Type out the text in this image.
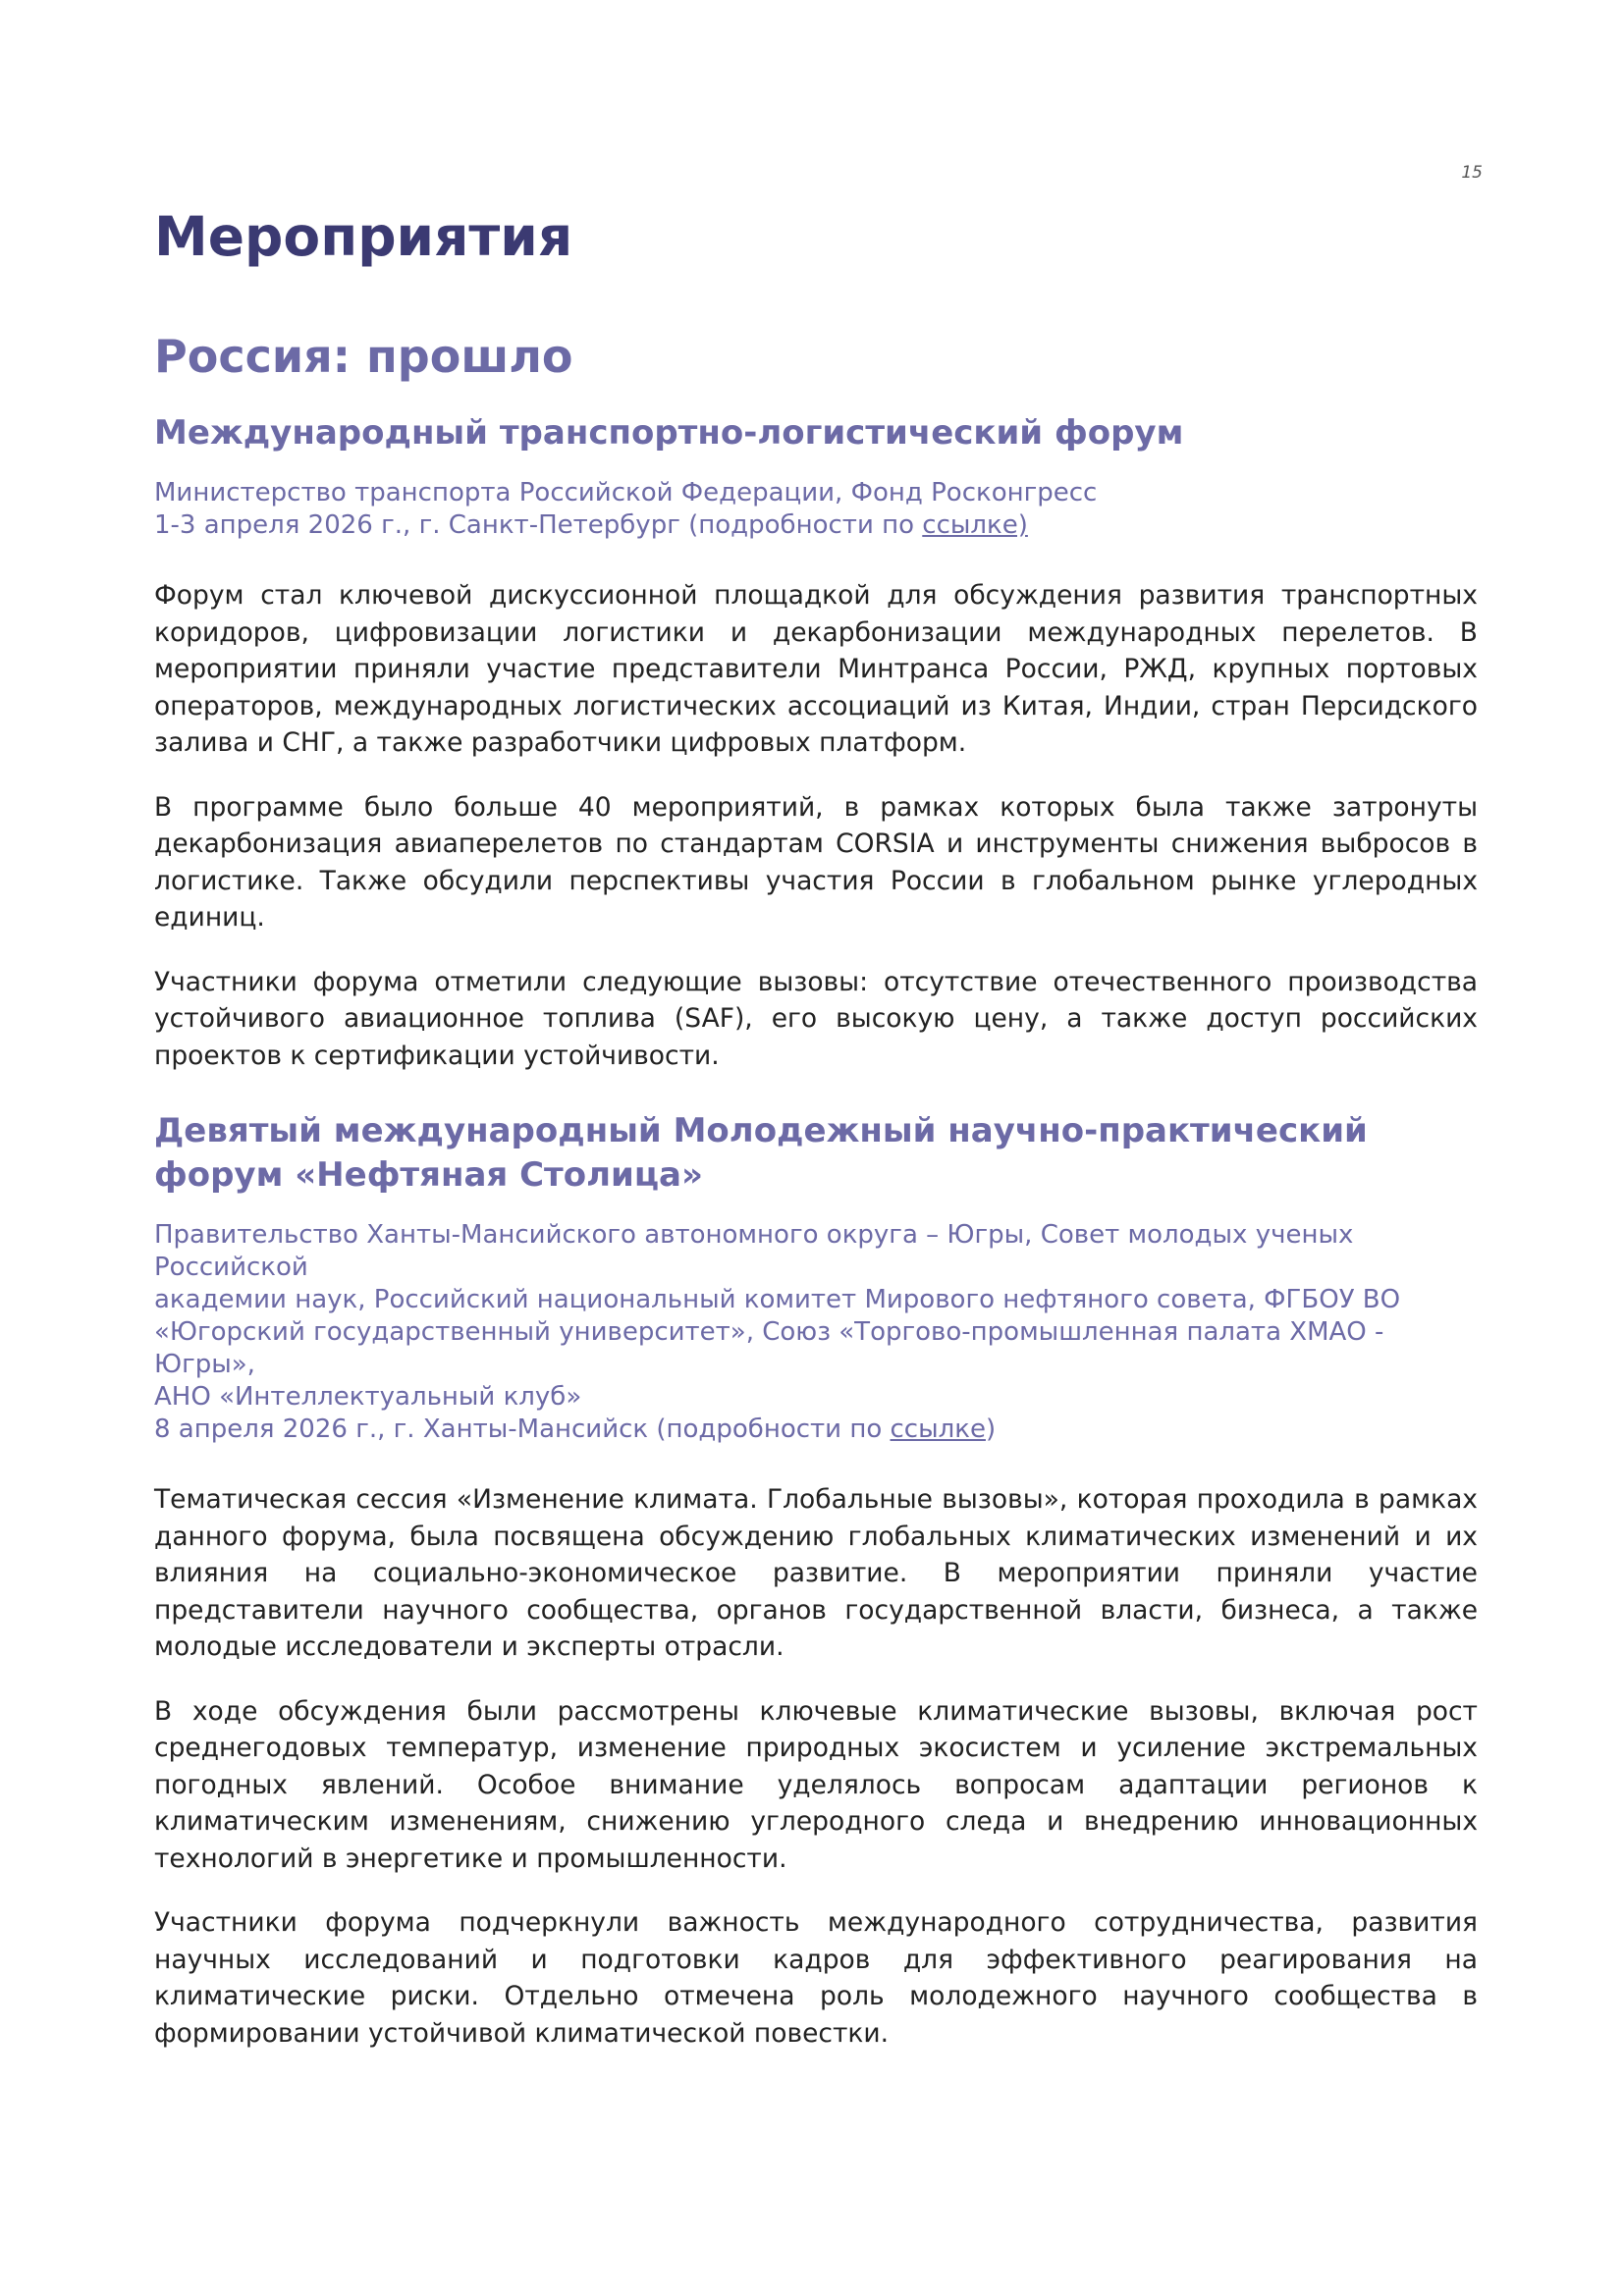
15
Мероприятия
Россия: прошло
Международный транспортно-логистический форум
Министерство транспорта Российской Федерации, Фонд Росконгресс
1-3 апреля 2026 г., г. Санкт-Петербург (подробности по ссылке)

Форум стал ключевой дискуссионной площадкой для обсуждения развития транспортных коридоров, цифровизации логистики и декарбонизации международных перелетов. В мероприятии приняли участие представители Минтранса России, РЖД, крупных портовых операторов, международных логистических ассоциаций из Китая, Индии, стран Персидского залива и СНГ, а также разработчики цифровых платформ.

В программе было больше 40 мероприятий, в рамках которых была также затронуты декарбонизация авиаперелетов по стандартам CORSIA и инструменты снижения выбросов в логистике. Также обсудили перспективы участия России в глобальном рынке углеродных единиц.

Участники форума отметили следующие вызовы: отсутствие отечественного производства устойчивого авиационное топлива (SAF), его высокую цену, а также доступ российских проектов к сертификации устойчивости.

Девятый международный Молодежный научно-практический
форум «Нефтяная Столица»
Правительство Ханты-Мансийского автономного округа – Югры, Совет молодых ученых Российской
академии наук, Российский национальный комитет Мирового нефтяного совета, ФГБОУ ВО
«Югорский государственный университет», Союз «Торгово-промышленная палата ХМАО - Югры»,
АНО «Интеллектуальный клуб»
8 апреля 2026 г., г. Ханты-Мансийск (подробности по ссылке)

Тематическая сессия «Изменение климата. Глобальные вызовы», которая проходила в рамках данного форума, была посвящена обсуждению глобальных климатических изменений и их влияния на социально-экономическое развитие. В мероприятии приняли участие представители научного сообщества, органов государственной власти, бизнеса, а также молодые исследователи и эксперты отрасли.

В ходе обсуждения были рассмотрены ключевые климатические вызовы, включая рост среднегодовых температур, изменение природных экосистем и усиление экстремальных погодных явлений. Особое внимание уделялось вопросам адаптации регионов к климатическим изменениям, снижению углеродного следа и внедрению инновационных технологий в энергетике и промышленности.

Участники форума подчеркнули важность международного сотрудничества, развития научных исследований и подготовки кадров для эффективного реагирования на климатические риски. Отдельно отмечена роль молодежного научного сообщества в формировании устойчивой климатической повестки.
